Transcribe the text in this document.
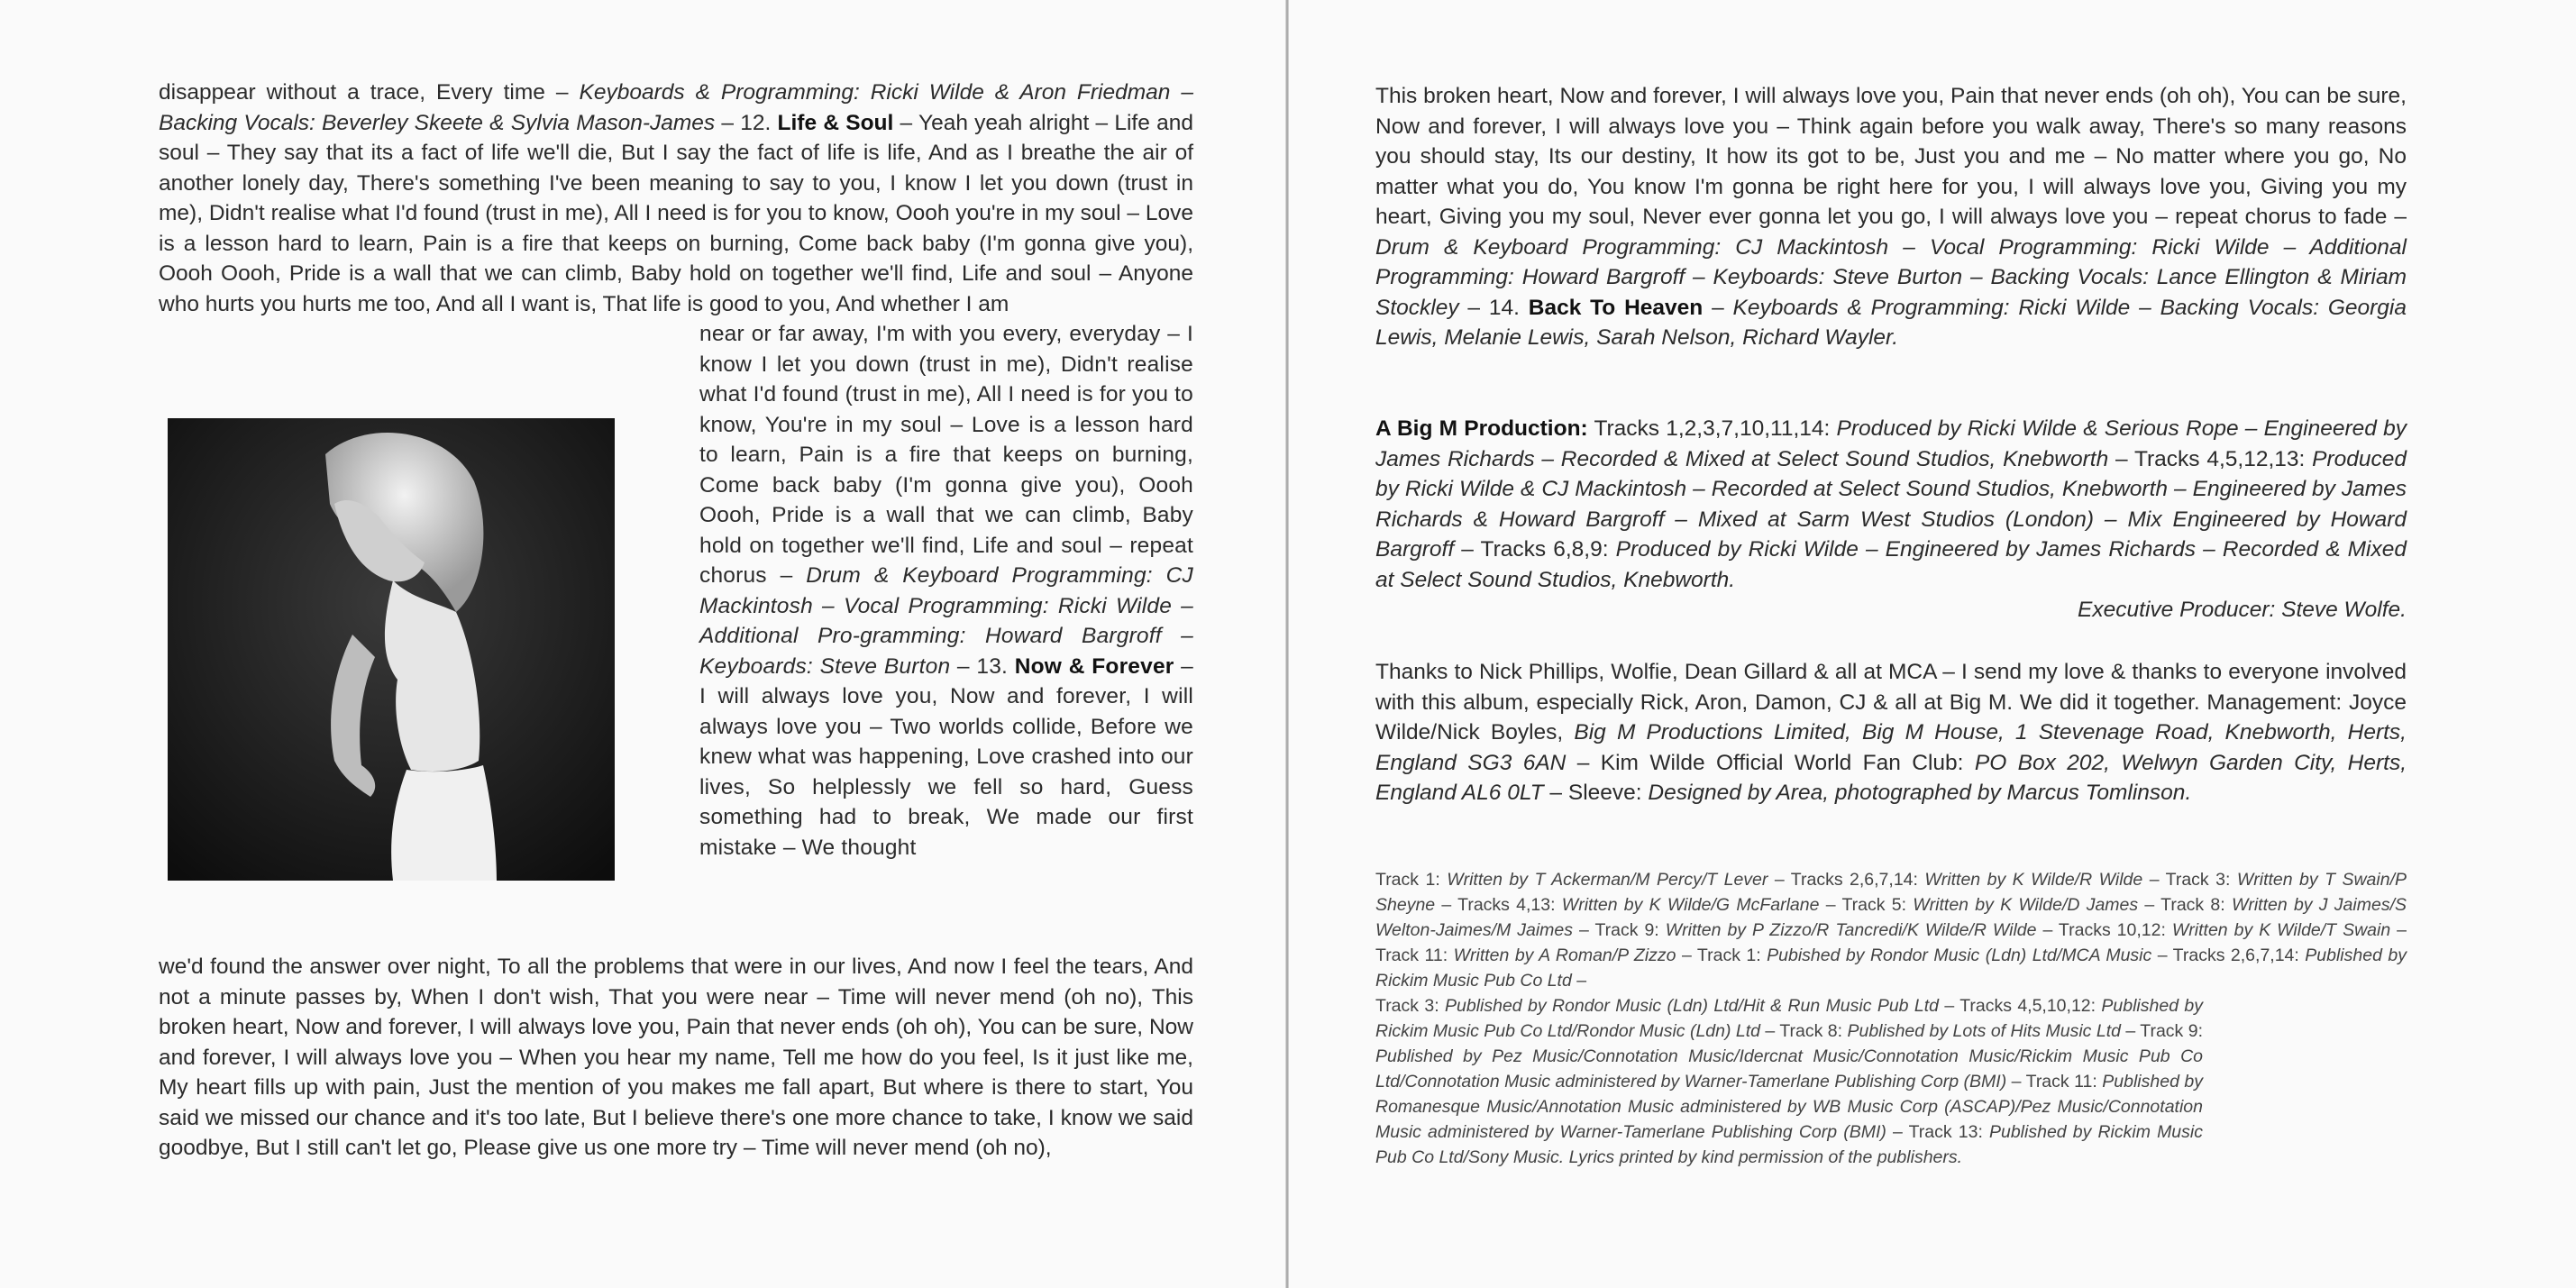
disappear without a trace, Every time – Keyboards & Programming: Ricki Wilde & Aron Friedman – Backing Vocals: Beverley Skeete & Sylvia Mason-James – 12. Life & Soul – Yeah yeah alright – Life and soul – They say that its a fact of life we'll die, But I say the fact of life is life, And as I breathe the air of another lonely day, There's something I've been meaning to say to you, I know I let you down (trust in me), Didn't realise what I'd found (trust in me), All I need is for you to know, Oooh you're in my soul – Love is a lesson hard to learn, Pain is a fire that keeps on burning, Come back baby (I'm gonna give you), Oooh Oooh, Pride is a wall that we can climb, Baby hold on together we'll find, Life and soul – Anyone who hurts you hurts me too, And all I want is, That life is good to you, And whether I am
near or far away, I'm with you every, everyday – I know I let you down (trust in me), Didn't realise what I'd found (trust in me), All I need is for you to know, You're in my soul – Love is a lesson hard to learn, Pain is a fire that keeps on burning, Come back baby (I'm gonna give you), Oooh Oooh, Pride is a wall that we can climb, Baby hold on together we'll find, Life and soul – repeat chorus – Drum & Keyboard Programming: CJ Mackintosh – Vocal Programming: Ricki Wilde – Additional Pro-gramming: Howard Bargroff – Keyboards: Steve Burton – 13. Now & Forever – I will always love you, Now and forever, I will always love you – Two worlds collide, Before we knew what was happening, Love crashed into our lives, So helplessly we fell so hard, Guess something had to break, We made our first mistake – We thought
we'd found the answer over night, To all the problems that were in our lives, And now I feel the tears, And not a minute passes by, When I don't wish, That you were near – Time will never mend (oh no), This broken heart, Now and forever, I will always love you, Pain that never ends (oh oh), You can be sure, Now and forever, I will always love you – When you hear my name, Tell me how do you feel, Is it just like me, My heart fills up with pain, Just the mention of you makes me fall apart, But where is there to start, You said we missed our chance and it's too late, But I believe there's one more chance to take, I know we said goodbye, But I still can't let go, Please give us one more try – Time will never mend (oh no),
This broken heart, Now and forever, I will always love you, Pain that never ends (oh oh), You can be sure, Now and forever, I will always love you – Think again before you walk away, There's so many reasons you should stay, Its our destiny, It how its got to be, Just you and me – No matter where you go, No matter what you do, You know I'm gonna be right here for you, I will always love you, Giving you my heart, Giving you my soul, Never ever gonna let you go, I will always love you – repeat chorus to fade – Drum & Keyboard Programming: CJ Mackintosh – Vocal Programming: Ricki Wilde – Additional Programming: Howard Bargroff – Keyboards: Steve Burton – Backing Vocals: Lance Ellington & Miriam Stockley – 14. Back To Heaven – Keyboards & Programming: Ricki Wilde – Backing Vocals: Georgia Lewis, Melanie Lewis, Sarah Nelson, Richard Wayler.
A Big M Production: Tracks 1,2,3,7,10,11,14: Produced by Ricki Wilde & Serious Rope – Engineered by James Richards – Recorded & Mixed at Select Sound Studios, Knebworth – Tracks 4,5,12,13: Produced by Ricki Wilde & CJ Mackintosh – Recorded at Select Sound Studios, Knebworth – Engineered by James Richards & Howard Bargroff – Mixed at Sarm West Studios (London) – Mix Engineered by Howard Bargroff – Tracks 6,8,9: Produced by Ricki Wilde – Engineered by James Richards – Recorded & Mixed at Select Sound Studios, Knebworth.
Executive Producer: Steve Wolfe.
Thanks to Nick Phillips, Wolfie, Dean Gillard & all at MCA – I send my love & thanks to everyone involved with this album, especially Rick, Aron, Damon, CJ & all at Big M. We did it together. Management: Joyce Wilde/Nick Boyles, Big M Productions Limited, Big M House, 1 Stevenage Road, Knebworth, Herts, England SG3 6AN – Kim Wilde Official World Fan Club: PO Box 202, Welwyn Garden City, Herts, England AL6 0LT – Sleeve: Designed by Area, photographed by Marcus Tomlinson.
Track 1: Written by T Ackerman/M Percy/T Lever – Tracks 2,6,7,14: Written by K Wilde/R Wilde – Track 3: Written by T Swain/P Sheyne – Tracks 4,13: Written by K Wilde/G McFarlane – Track 5: Written by K Wilde/D James – Track 8: Written by J Jaimes/S Welton-Jaimes/M Jaimes – Track 9: Written by P Zizzo/R Tancredi/K Wilde/R Wilde – Tracks 10,12: Written by K Wilde/T Swain – Track 11: Written by A Roman/P Zizzo – Track 1: Pubished by Rondor Music (Ldn) Ltd/MCA Music – Tracks 2,6,7,14: Published by Rickim Music Pub Co Ltd –
Track 3: Published by Rondor Music (Ldn) Ltd/Hit & Run Music Pub Ltd – Tracks 4,5,10,12: Published by Rickim Music Pub Co Ltd/Rondor Music (Ldn) Ltd – Track 8: Published by Lots of Hits Music Ltd – Track 9: Published by Pez Music/Connotation Music/Idercnat Music/Connotation Music/Rickim Music Pub Co Ltd/Connotation Music administered by Warner-Tamerlane Publishing Corp (BMI) – Track 11: Published by Romanesque Music/Annotation Music administered by WB Music Corp (ASCAP)/Pez Music/Connotation Music administered by Warner-Tamerlane Publishing Corp (BMI) – Track 13: Published by Rickim Music Pub Co Ltd/Sony Music. Lyrics printed by kind permission of the publishers.
